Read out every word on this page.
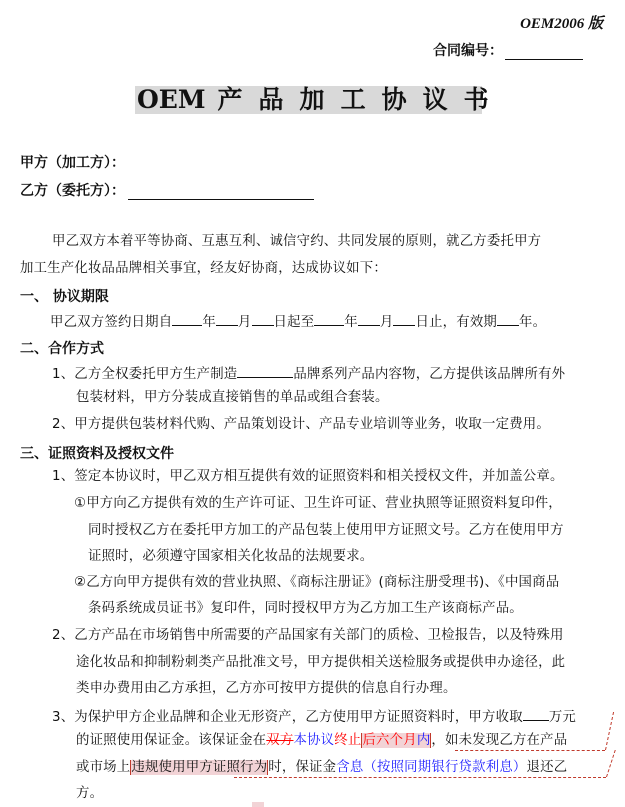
OEM2006 版
合同编号：
OEM 产 品 加 工 协 议 书
甲方（加工方）：
乙方（委托方）：
甲乙双方本着平等协商、互惠互利、诚信守约、共同发展的原则，就乙方委托甲方
加工生产化妆品品牌相关事宜，经友好协商，达成协议如下：
一、 协议期限
甲乙双方签约日期自 年 月 日起至 年 月 日止，有效期 年。
二、合作方式
1、乙方全权委托甲方生产制造	品牌系列产品内容物，乙方提供该品牌所有外
包装材料，甲方分装成直接销售的单品或组合套装。
2、甲方提供包装材料代购、产品策划设计、产品专业培训等业务，收取一定费用。
三、证照资料及授权文件
1、签定本协议时，甲乙双方相互提供有效的证照资料和相关授权文件，并加盖公章。
①甲方向乙方提供有效的生产许可证、卫生许可证、营业执照等证照资料复印件，
同时授权乙方在委托甲方加工的产品包装上使用甲方证照文号。乙方在使用甲方
证照时，必须遵守国家相关化妆品的法规要求。
②乙方向甲方提供有效的营业执照、《商标注册证》(商标注册受理书)、《中国商品
条码系统成员证书》复印件，同时授权甲方为乙方加工生产该商标产品。
2、乙方产品在市场销售中所需要的产品国家有关部门的质检、卫检报告，以及特殊用
途化妆品和抑制粉刺类产品批准文号，甲方提供相关送检服务或提供申办途径，此
类申办费用由乙方承担，乙方亦可按甲方提供的信息自行办理。
3、为保护甲方企业品牌和企业无形资产，乙方使用甲方证照资料时，甲方收取 万元
的证照使用保证金。该保证金在双方本协议终止后六个月内，如未发现乙方在产品
或市场上违规使用甲方证照行为时，保证金含息（按照同期银行贷款利息）退还乙
方。
